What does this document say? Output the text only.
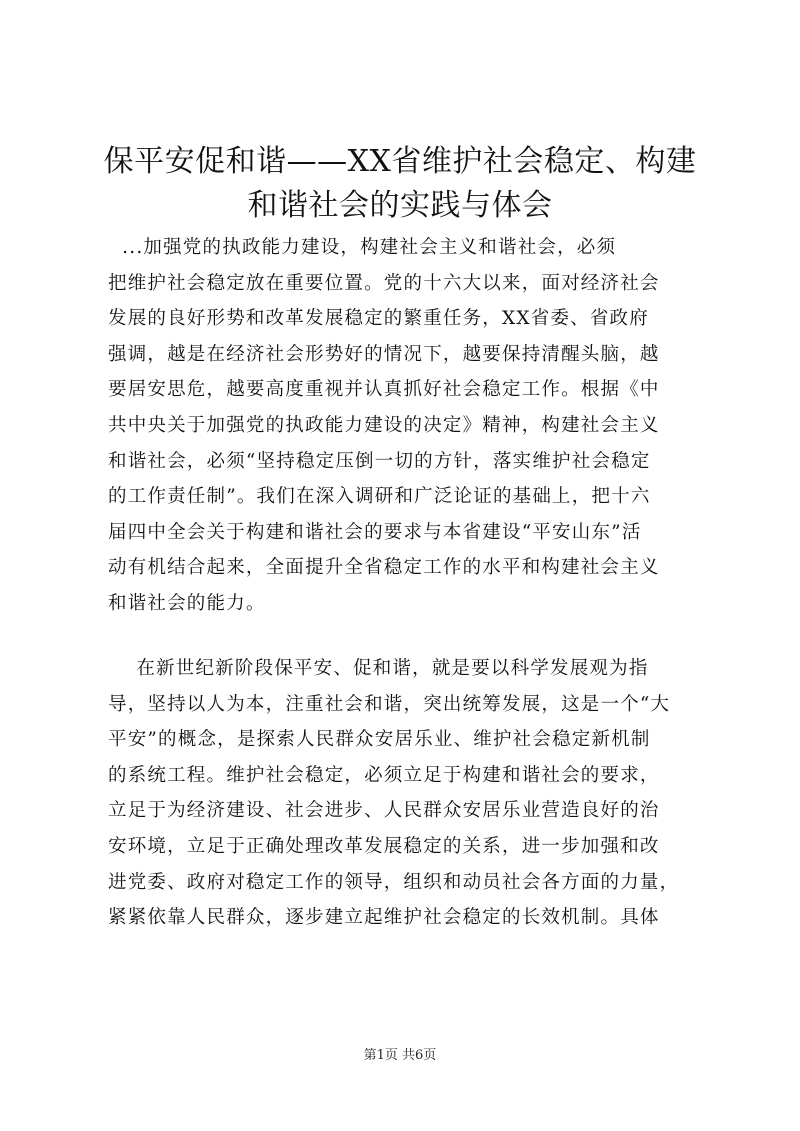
保平安促和谐——XX省维护社会稳定、构建
和谐社会的实践与体会
...加强党的执政能力建设，构建社会主义和谐社会，必须
把维护社会稳定放在重要位置。党的十六大以来，面对经济社会
发展的良好形势和改革发展稳定的繁重任务，XX省委、省政府
强调，越是在经济社会形势好的情况下，越要保持清醒头脑，越
要居安思危，越要高度重视并认真抓好社会稳定工作。根据《中
共中央关于加强党的执政能力建设的决定》精神，构建社会主义
和谐社会，必须“坚持稳定压倒一切的方针，落实维护社会稳定
的工作责任制”。我们在深入调研和广泛论证的基础上，把十六
届四中全会关于构建和谐社会的要求与本省建设“平安山东”活
动有机结合起来，全面提升全省稳定工作的水平和构建社会主义
和谐社会的能力。
在新世纪新阶段保平安、促和谐，就是要以科学发展观为指
导，坚持以人为本，注重社会和谐，突出统筹发展，这是一个“大
平安”的概念，是探索人民群众安居乐业、维护社会稳定新机制
的系统工程。维护社会稳定，必须立足于构建和谐社会的要求，
立足于为经济建设、社会进步、人民群众安居乐业营造良好的治
安环境，立足于正确处理改革发展稳定的关系，进一步加强和改
进党委、政府对稳定工作的领导，组织和动员社会各方面的力量，
紧紧依靠人民群众，逐步建立起维护社会稳定的长效机制。具体
第1页 共6页
